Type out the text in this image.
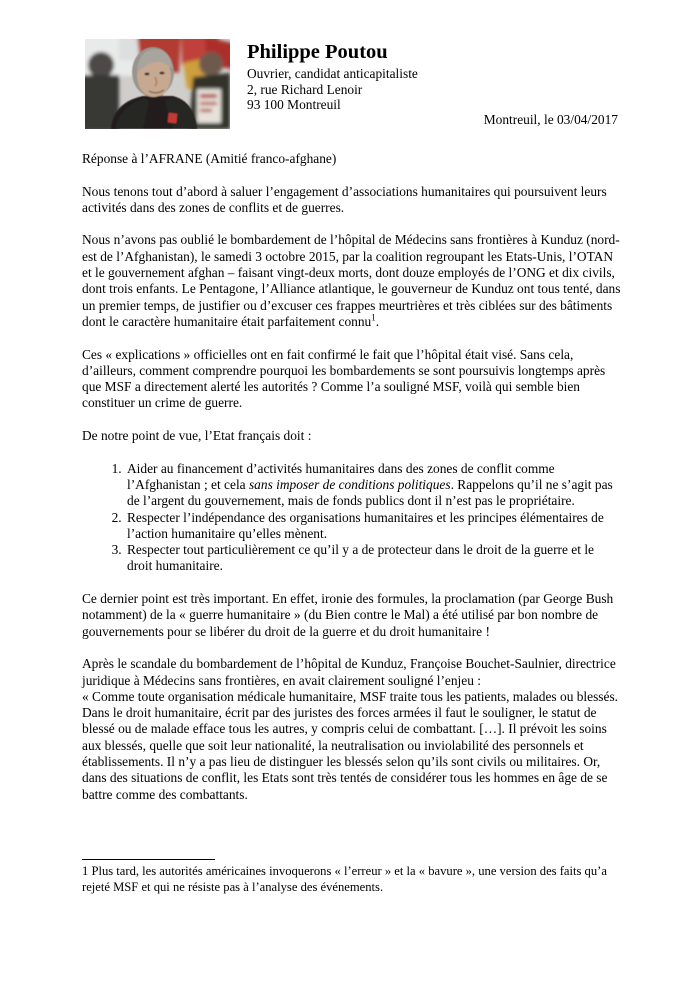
Philippe Poutou
Ouvrier, candidat anticapitaliste
2, rue Richard Lenoir
93 100 Montreuil
Montreuil, le 03/04/2017

Réponse à l’AFRANE (Amitié franco-afghane)

Nous tenons tout d’abord à saluer l’engagement d’associations humanitaires qui poursuivent leurs activités dans des zones de conflits et de guerres.

Nous n’avons pas oublié le bombardement de l’hôpital de Médecins sans frontières à Kunduz (nord-est de l’Afghanistan), le samedi 3 octobre 2015, par la coalition regroupant les Etats-Unis, l’OTAN et le gouvernement afghan – faisant vingt-deux morts, dont douze employés de l’ONG et dix civils, dont trois enfants. Le Pentagone, l’Alliance atlantique, le gouverneur de Kunduz ont tous tenté, dans un premier temps, de justifier ou d’excuser ces frappes meurtrières et très ciblées sur des bâtiments dont le caractère humanitaire était parfaitement connu$^1$.

Ces « explications » officielles ont en fait confirmé le fait que l’hôpital était visé. Sans cela, d’ailleurs, comment comprendre pourquoi les bombardements se sont poursuivis longtemps après que MSF a directement alerté les autorités ? Comme l’a souligné MSF, voilà qui semble bien constituer un crime de guerre.

De notre point de vue, l’Etat français doit :

1. Aider au financement d’activités humanitaires dans des zones de conflit comme l’Afghanistan ; et cela sans imposer de conditions politiques. Rappelons qu’il ne s’agit pas de l’argent du gouvernement, mais de fonds publics dont il n’est pas le propriétaire.
2. Respecter l’indépendance des organisations humanitaires et les principes élémentaires de l’action humanitaire qu’elles mènent.
3. Respecter tout particulièrement ce qu’il y a de protecteur dans le droit de la guerre et le droit humanitaire.

Ce dernier point est très important. En effet, ironie des formules, la proclamation (par George Bush notamment) de la « guerre humanitaire » (du Bien contre le Mal) a été utilisé par bon nombre de gouvernements pour se libérer du droit de la guerre et du droit humanitaire !

Après le scandale du bombardement de l’hôpital de Kunduz, Françoise Bouchet-Saulnier, directrice juridique à Médecins sans frontières, en avait clairement souligné l’enjeu :
« Comme toute organisation médicale humanitaire, MSF traite tous les patients, malades ou blessés. Dans le droit humanitaire, écrit par des juristes des forces armées il faut le souligner, le statut de blessé ou de malade efface tous les autres, y compris celui de combattant. […]. Il prévoit les soins aux blessés, quelle que soit leur nationalité, la neutralisation ou inviolabilité des personnels et établissements. Il n’y a pas lieu de distinguer les blessés selon qu’ils sont civils ou militaires. Or, dans des situations de conflit, les Etats sont très tentés de considérer tous les hommes en âge de se battre comme des combattants.

1 Plus tard, les autorités américaines invoquerons « l’erreur » et la « bavure », une version des faits qu’a rejeté MSF et qui ne résiste pas à l’analyse des événements.
